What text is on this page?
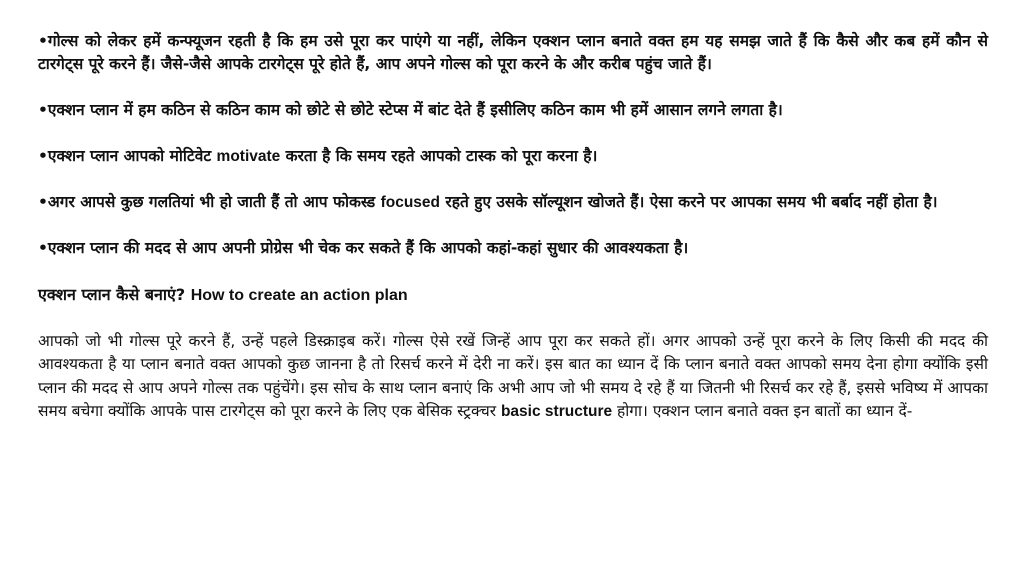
•गोल्स को लेकर हमें कन्फ्यूजन रहती है कि हम उसे पूरा कर पाएंगे या नहीं, लेकिन एक्शन प्लान बनाते वक्त हम यह समझ जाते हैं कि कैसे और कब हमें कौन से टारगेट्स पूरे करने हैं। जैसे-जैसे आपके टारगेट्स पूरे होते हैं, आप अपने गोल्स को पूरा करने के और करीब पहुंच जाते हैं।

•एक्शन प्लान में हम कठिन से कठिन काम को छोटे से छोटे स्टेप्स में बांट देते हैं इसीलिए कठिन काम भी हमें आसान लगने लगता है।

•एक्शन प्लान आपको मोटिवेट motivate करता है कि समय रहते आपको टास्क को पूरा करना है।

•अगर आपसे कुछ गलतियां भी हो जाती हैं तो आप फोकस्ड focused रहते हुए उसके सॉल्यूशन खोजते हैं। ऐसा करने पर आपका समय भी बर्बाद नहीं होता है।

•एक्शन प्लान की मदद से आप अपनी प्रोग्रेस भी चेक कर सकते हैं कि आपको कहां-कहां सुधार की आवश्यकता है।

एक्शन प्लान कैसे बनाएं? How to create an action plan

आपको जो भी गोल्स पूरे करने हैं, उन्हें पहले डिस्क्राइब करें। गोल्स ऐसे रखें जिन्हें आप पूरा कर सकते हों। अगर आपको उन्हें पूरा करने के लिए किसी की मदद की आवश्यकता है या प्लान बनाते वक्त आपको कुछ जानना है तो रिसर्च करने में देरी ना करें। इस बात का ध्यान दें कि प्लान बनाते वक्त आपको समय देना होगा क्योंकि इसी प्लान की मदद से आप अपने गोल्स तक पहुंचेंगे। इस सोच के साथ प्लान बनाएं कि अभी आप जो भी समय दे रहे हैं या जितनी भी रिसर्च कर रहे हैं, इससे भविष्य में आपका समय बचेगा क्योंकि आपके पास टारगेट्स को पूरा करने के लिए एक बेसिक स्ट्रक्चर basic structure होगा। एक्शन प्लान बनाते वक्त इन बातों का ध्यान दें-
